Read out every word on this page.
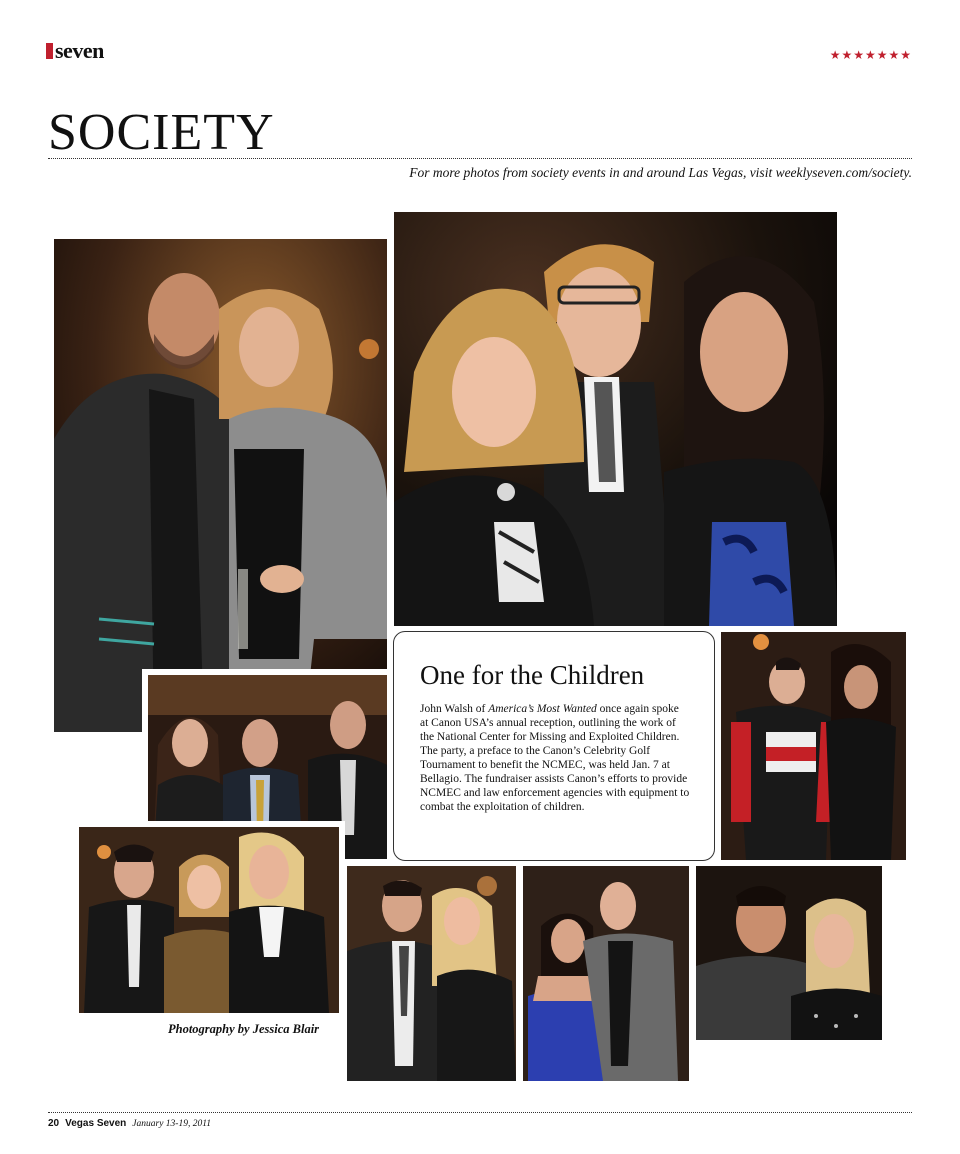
seven	★★★★★★★
SOCIETY
For more photos from society events in and around Las Vegas, visit weeklyseven.com/society.
One for the Children

John Walsh of America’s Most Wanted once again spoke at Canon USA’s annual reception, outlining the work of the National Center for Missing and Exploited Children. The party, a preface to the Canon’s Celebrity Golf Tournament to benefit the NCMEC, was held Jan. 7 at Bellagio. The fundraiser assists Canon’s efforts to provide NCMEC and law enforcement agencies with equipment to combat the exploitation of children.

Photography by Jessica Blair
20 Vegas Seven January 13-19, 2011
